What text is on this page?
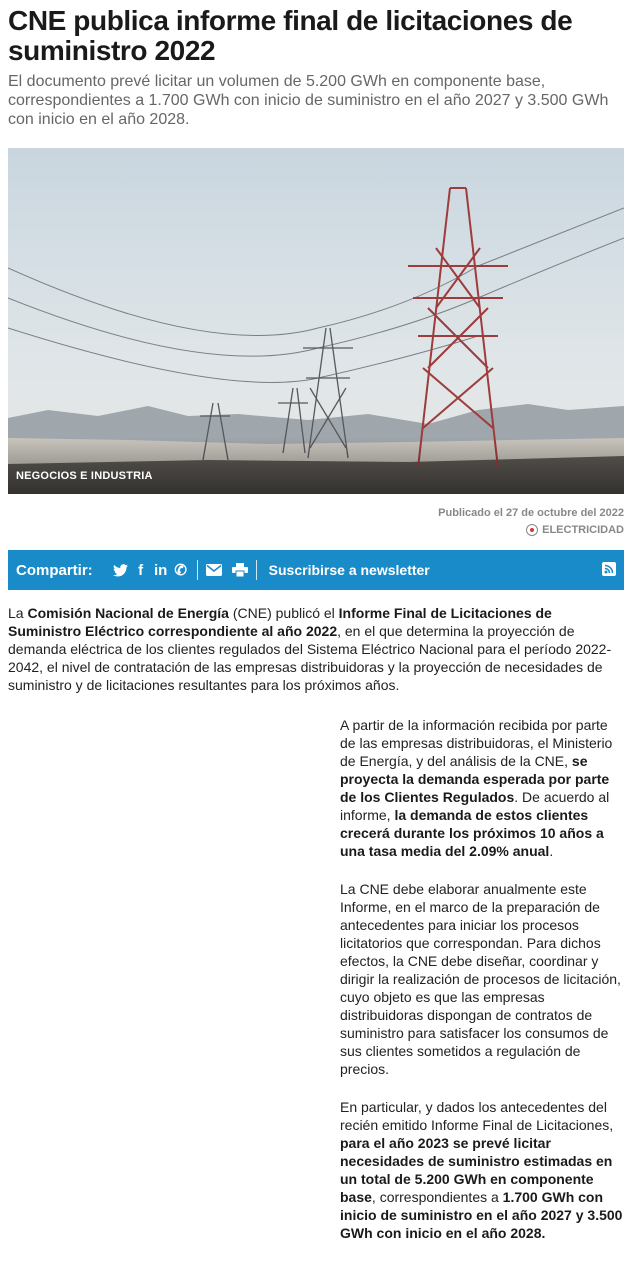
CNE publica informe final de licitaciones de suministro 2022

El documento prevé licitar un volumen de 5.200 GWh en componente base, correspondientes a 1.700 GWh con inicio de suministro en el año 2027 y 3.500 GWh con inicio en el año 2028.

NEGOCIOS E INDUSTRIA
Publicado el 27 de octubre del 2022
ELECTRICIDAD
Compartir:	f in ✆	Suscribirse a newsletter

La Comisión Nacional de Energía (CNE) publicó el Informe Final de Licitaciones de Suministro Eléctrico correspondiente al año 2022, en el que determina la proyección de demanda eléctrica de los clientes regulados del Sistema Eléctrico Nacional para el período 2022-2042, el nivel de contratación de las empresas distribuidoras y la proyección de necesidades de suministro y de licitaciones resultantes para los próximos años.

A partir de la información recibida por parte de las empresas distribuidoras, el Ministerio de Energía, y del análisis de la CNE, se proyecta la demanda esperada por parte de los Clientes Regulados. De acuerdo al informe, la demanda de estos clientes crecerá durante los próximos 10 años a una tasa media del 2.09% anual.

La CNE debe elaborar anualmente este Informe, en el marco de la preparación de antecedentes para iniciar los procesos licitatorios que correspondan. Para dichos efectos, la CNE debe diseñar, coordinar y dirigir la realización de procesos de licitación, cuyo objeto es que las empresas distribuidoras dispongan de contratos de suministro para satisfacer los consumos de sus clientes sometidos a regulación de precios.

En particular, y dados los antecedentes del recién emitido Informe Final de Licitaciones, para el año 2023 se prevé licitar necesidades de suministro estimadas en un total de 5.200 GWh en componente base, correspondientes a 1.700 GWh con inicio de suministro en el año 2027 y 3.500 GWh con inicio en el año 2028.
